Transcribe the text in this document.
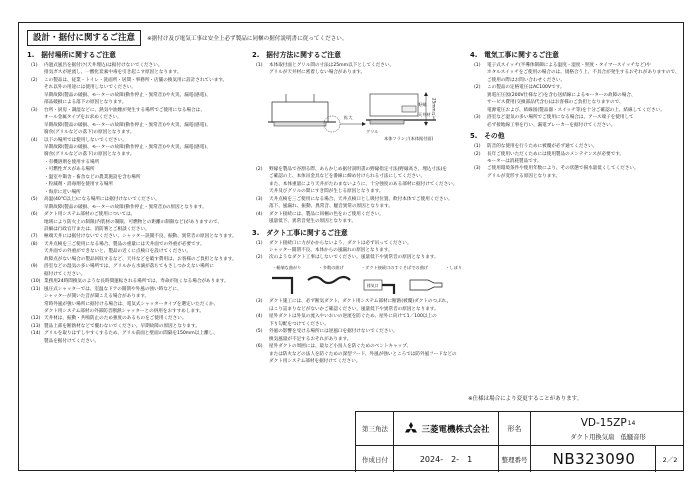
設計・据付に関するご注意	※据付け及び電気工事は安全上必ず製品に同梱の据付説明書に従ってください。
1.　据付場所に関するご注意
(1) 内過式風呂を据付け(天井埋込)は据付けないでください。
排気ガスが逆流し、一酸化炭素中毒を引き起こす原因となります。
(2) この製品は、従業・トイレ・洗面所・居間・事務所・店舗の換気用に設計されています。
それ以外の用途には使用しないでください。
早期故障(製品の破損、モーターの故障(動作停止・異常音))や火災、漏電(感電)、
部品破損による落下の原因となります。
(3) 台所・厨房・調湿などに、熱気や油煙が発生する場所でご使用になる場合は、
オール金属タイプをお求めください。
早期故障(製品の破損、モーターの故障(動作停止・異常音))や火災、漏電(感電)、
腐食(グリルなどの落下)の原因となります。
(4) 以下の場所では使用しないでください。
早期故障(製品の破損、モーターの故障(動作停止・異常音))や火災、漏電(感電)、
腐食(グリルなどの落下)の原因となります。
・有機溶剤を使用する場所
・可燃性ガスがある場所
・温室や鶏舎・畜舎などの農業施設を含む場所
・粒滅剤・消毒剤を使用する場所
・海岸に近い場所
(5) 高温(40℃以上)になる場所には据付けないでください。
早期故障(製品の破損、モーターの故障(動作停止・異常音))の原因となります。
(6) ダクト用システム部材のご使用については、
地域により防火上の制限(内装材の制限、可燃物との距離の制限など)がありますので、
詳細は行政官庁または、消防署とご相談ください。
(7) 極端天井には据付けないでください。シャッター誤開不良、振動、異常音の原因となります。
(8) 天井点検を三ご使用になる場合、製品の重量には天井面での外重が必要です。
天井面での外重ができないと、製品の近くに点検口を設けてください。
故障点がない場合の製品回収するなど、天井などを破す費用は、お客様のご負担となります。
(9) 浴室などの湿気の多い場所では、グリルから水滴が落ちてもさしつかえない場所に
据付けてください。
(10) 業務用24時間換気のような長時間運転される場所では、寿命が短くなる場合があります。
(11) 風圧式シャッターでは、室温なドアの開閉や外風の強い時などに、
シャッターが開いた音が聞こえる場合があります。
常時外風が強い場所に据付ける場合は、電気式シャッタータイプを選定いただくか、
ダクト用システム部材の外部防音断熱シャッターとの併用をおすすめします。
(12) 天井材は、振動・共鳴防止のため強度のあるものをご使用ください。
(13) 製品上部を断熱材などで覆わないでください。早期故障の原因となります。
(14) グリルを取りはずしやすくするため、グリル前面と壁面の間隔を150mm以上離し、
製品を据付けてください。
2.　据付方法に関するご注意
(1) 本体取付面とグリル間の寸法は25mm以下としてください。
グリルが天井材に密着しない場合があります。
野縁
天井材 25mm以下
拡大
グリル
本体フランジ(本体据付面)
(2) 野縁を製品で谷割る際、あらかじめ据付説明書の野縁指定寸法(野縁高さ、埋込寸法)を
ご確認の上、本体吊金具などを番線に締め付けられる寸法にしてください。
また、本体重量により天井がたわまないように、十分強度のある部材に据付けてください。
天井及びグリルの間にすき間が生じる原因となります。
(3) 天井点検を三ご使用になる場合、天井点検口とし吸付位置、飲付本体でご使用ください。
落下、風漏れ、振動、異常音、騒音異常の原因となります。
(4) ダクト接続には、製品に同梱の色をのご使用ください。
風量低下、異常音発生の原因となります。
3.　ダクト工事に関するご注意
(1) ダクト接続口に力がかからないよう、ダクトは必ず吊ってください。
シャッター開閉不良、本体からの風漏れの原因となります。
(2) 次のようなダクト工事はしないでください。風量低下や異常音の原因となります。
・極端な曲がり	・多数の曲げ	・ダクト接続口のすぐそばでの曲げ	・しぼり
排気口
(3) ダクト施工には、必ず断気ダクト、ダクト用システム部材に断熱(被覆)ダクトのつぶれ、
ほこり詰まりなどがないかご確認ください。風量低下や異常音の原因となります。
(4) 屋外ダクトは外気の流入やいおいの逆流を防ぐため、屋外に向けて1／100以上の
下り勾配をつけてください。
(5) 外風の影響を受ける場所には逆風口を据付けないでください。
換気風量が不足するおそれがあります。
(6) 屋外ダクトの周囲には、最など小鳥人を防ぐためのベントキャップ、
または防火などの法人を防ぐための深型フード、外風が強いところでは防外風フードなどの
ダクト用システム部材を据付けてください。
4.　電気工事に関するご注意
(1) 電子式スイッチ(半導体制御による温度・湿度・照度・タイマースイッチなど)や
ホタルスイッチをご使用の場合のは、規格合う上、不具合が発生するおそれがありますので、
ご使用の際はお問い合わせください。
(2) この製品の定格電圧はAC100Vです。
異電圧圧図(200V仕様など)を含む送結線によるモーターの故障の場合、
サービス費用(交換部品代含む)はお客様のご負担となりますので、
電源電圧および、結線図(製品器・スイッチ等)を十分ご確認の上、結線してください。
(3) 浴室など湿気の多い場所でご使用になる場合は、アース端子を使用して
必ず接地線工事を行い、漏電ブレーカーを据付けてください。
5.　その他
(1) 防音的な使用を行うために被覆が必ず通てください。
(2) 長年ご使用いただくためには使用製品のメンテナンスが必要です。
モーターは消耗製品です。
(3) ご使用環境条件や使用年数により、その状態で揚水量低くしてください。
グリルが変形する原因となります。
※仕様は場合により変更することがあります。
第三角法	三菱電機株式会社	形名	VD-15ZP 14
ダクト用換気扇　低騒音形
作成日付	2024-　2-　1	整理番号	NB323090	2／2
